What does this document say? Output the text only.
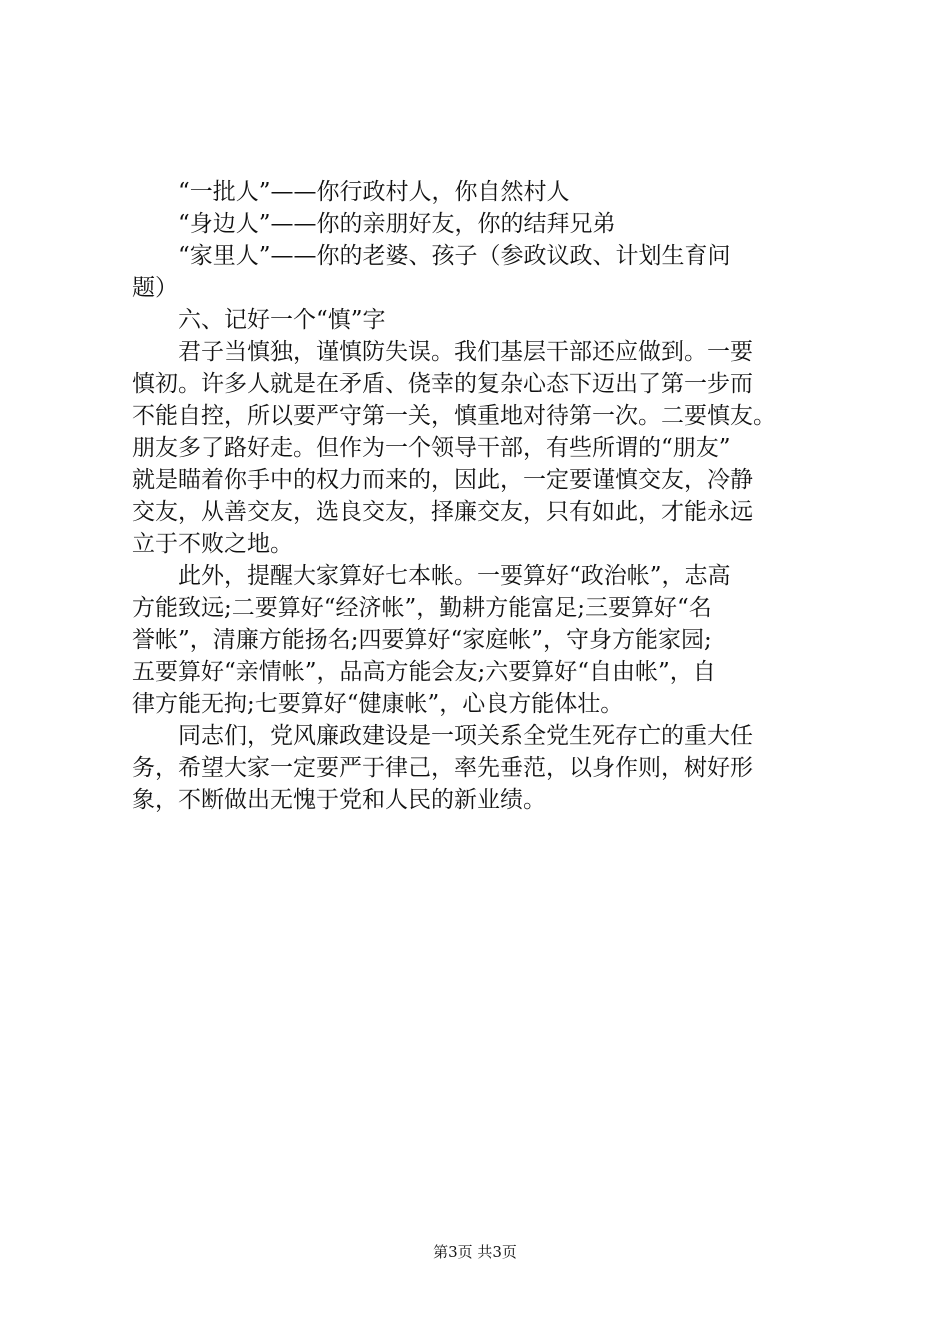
“一批人”——你行政村人，你自然村人
“身边人”——你的亲朋好友，你的结拜兄弟
“家里人”——你的老婆、孩子（参政议政、计划生育问
题）
六、记好一个“慎”字
君子当慎独，谨慎防失误。我们基层干部还应做到。一要
慎初。许多人就是在矛盾、侥幸的复杂心态下迈出了第一步而
不能自控，所以要严守第一关，慎重地对待第一次。二要慎友。
朋友多了路好走。但作为一个领导干部，有些所谓的“朋友”
就是瞄着你手中的权力而来的，因此，一定要谨慎交友，冷静
交友，从善交友，选良交友，择廉交友，只有如此，才能永远
立于不败之地。
此外，提醒大家算好七本帐。一要算好“政治帐”，志高
方能致远;二要算好“经济帐”，勤耕方能富足;三要算好“名
誉帐”，清廉方能扬名;四要算好“家庭帐”，守身方能家园;
五要算好“亲情帐”，品高方能会友;六要算好“自由帐”，自
律方能无拘;七要算好“健康帐”，心良方能体壮。
同志们，党风廉政建设是一项关系全党生死存亡的重大任
务，希望大家一定要严于律己，率先垂范，以身作则，树好形
象，不断做出无愧于党和人民的新业绩。
第3页 共3页
